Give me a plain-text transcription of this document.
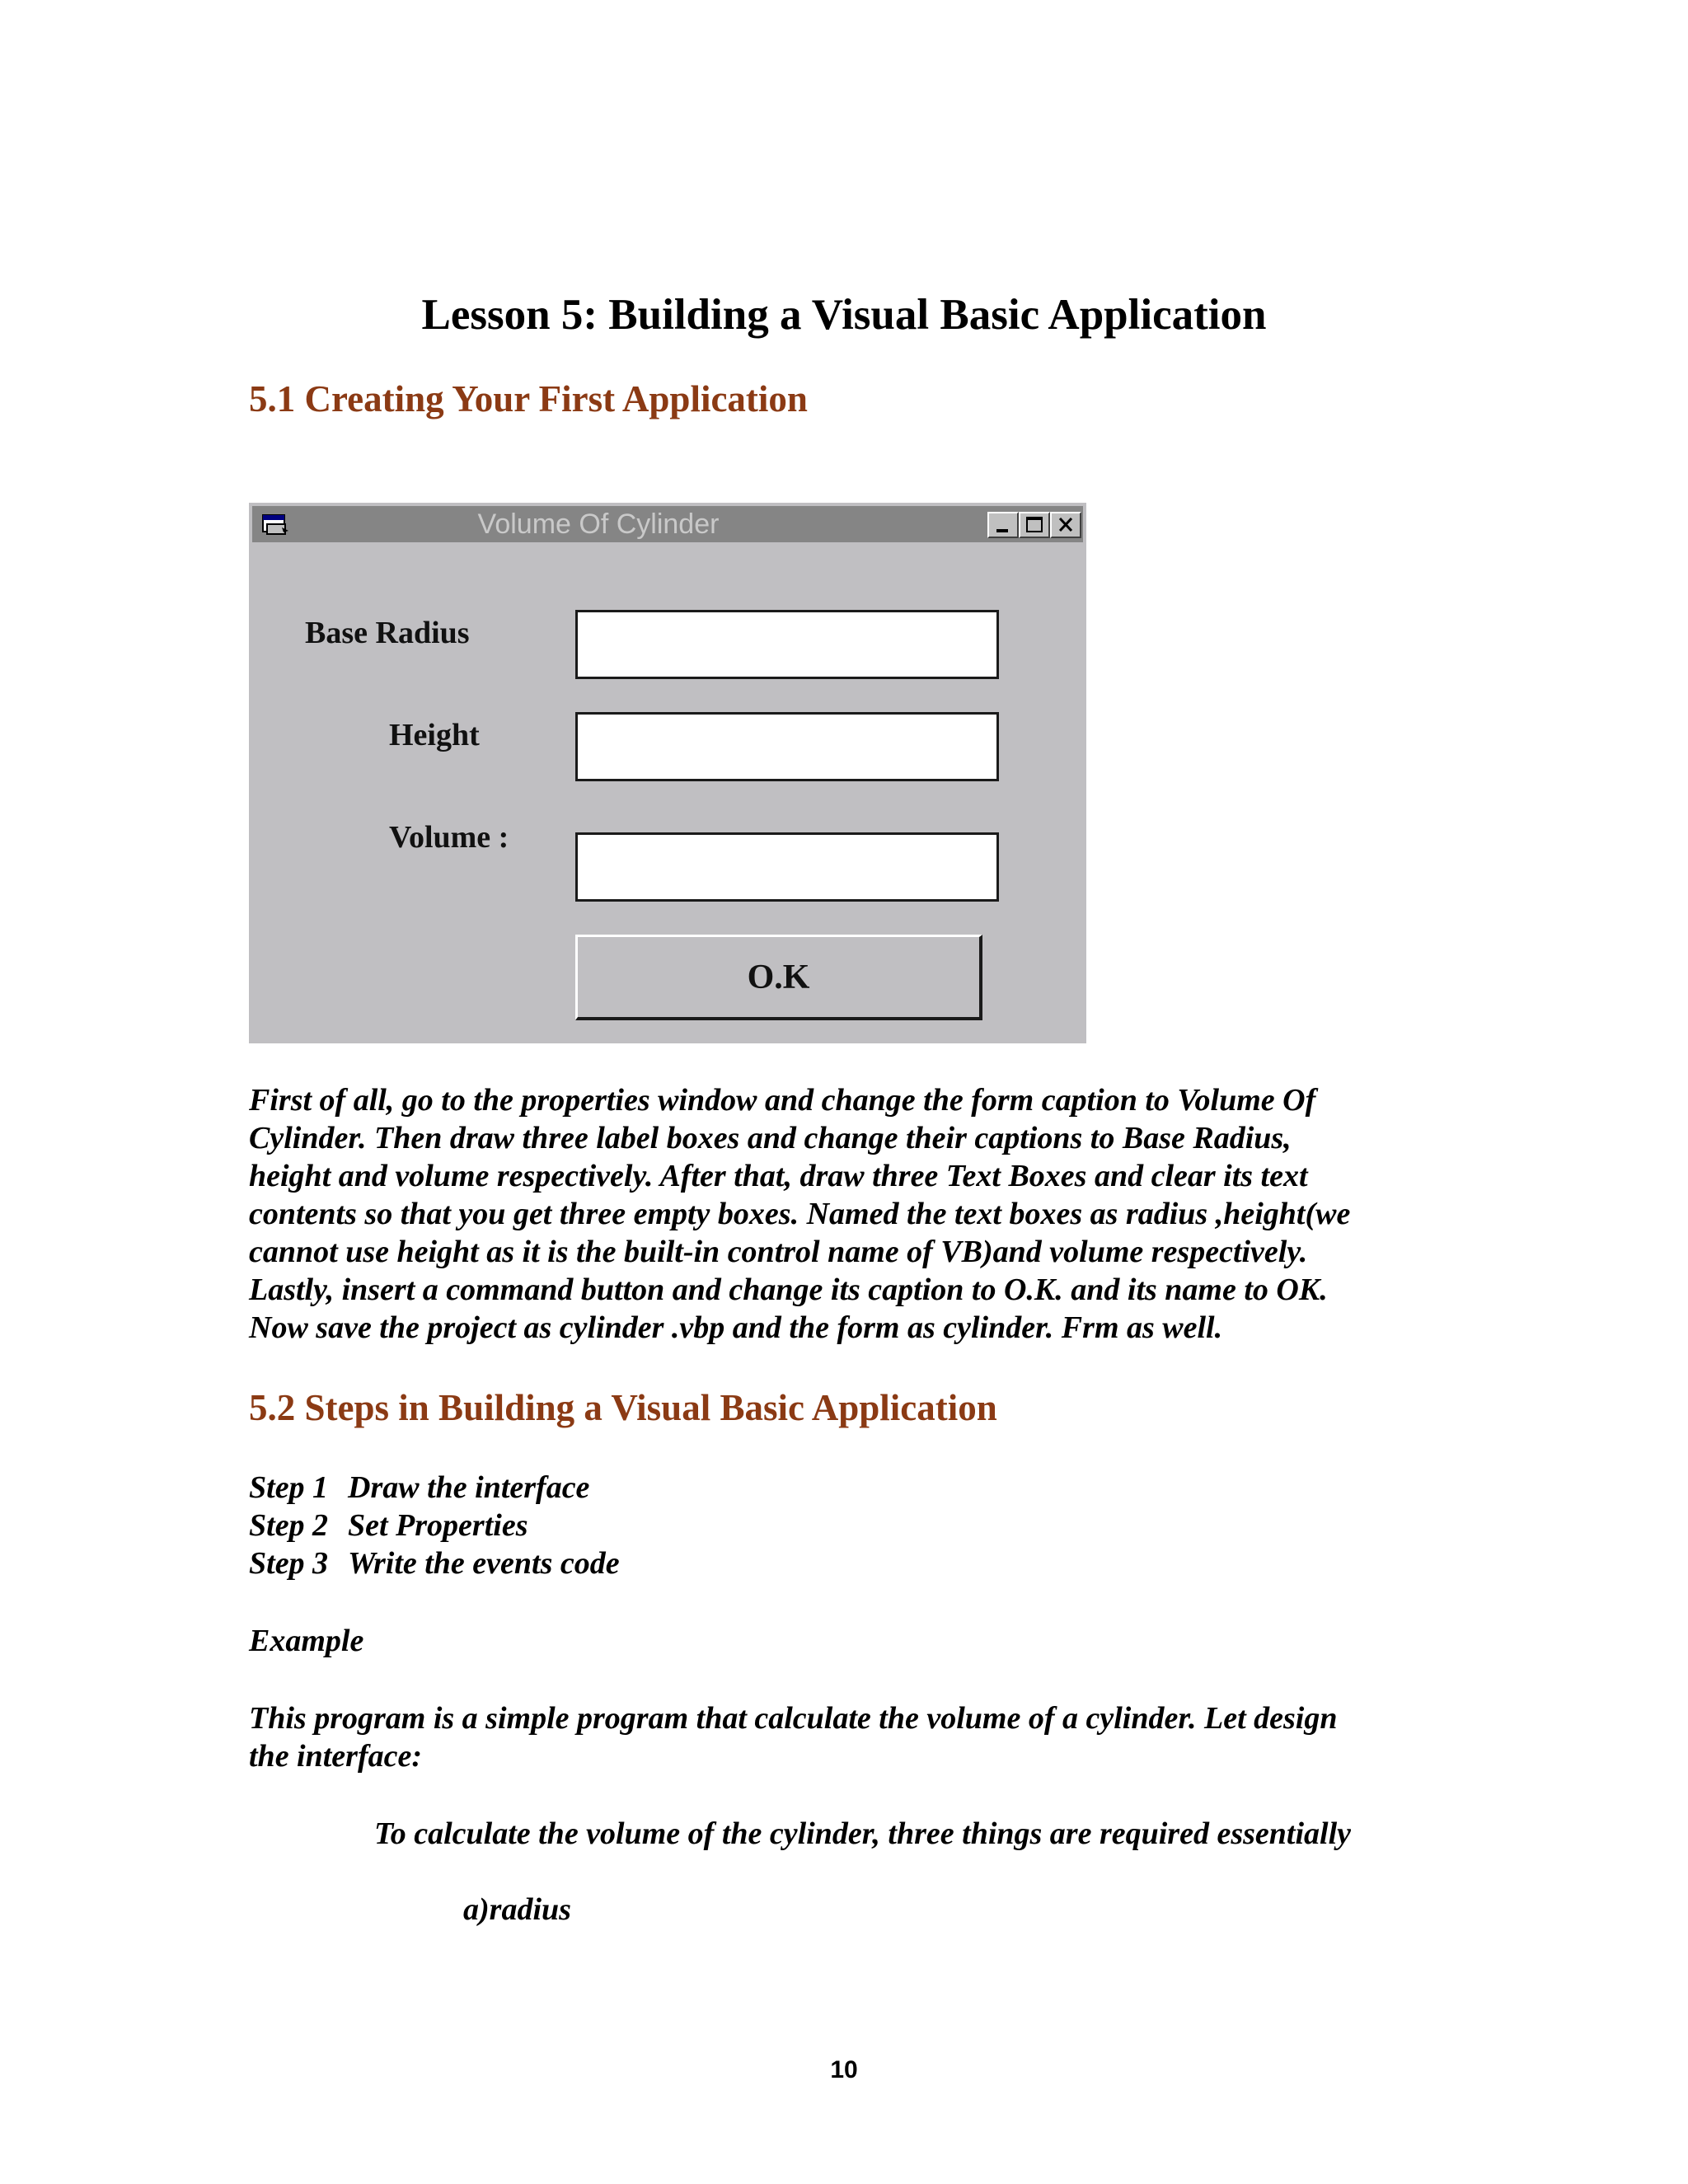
Lesson 5: Building a Visual Basic Application
5.1 Creating Your First Application
Volume Of Cylinder
Base Radius
Height
Volume :
O.K

First of all, go to the properties window and change the form caption to Volume Of
Cylinder. Then draw three label boxes and change their captions to Base Radius,
height and volume respectively. After that, draw three Text Boxes and clear its text
contents so that you get three empty boxes. Named the text boxes as radius ,height(we
cannot use height as it is the built-in control name of VB)and volume respectively.
Lastly, insert a command button and change its caption to O.K. and its name to OK.
Now save the project as cylinder .vbp and the form as cylinder. Frm as well.

5.2 Steps in Building a Visual Basic Application
Step 1 Draw the interface
Step 2 Set Properties
Step 3 Write the events code
Example

This program is a simple program that calculate the volume of a cylinder. Let design
the interface:

To calculate the volume of the cylinder, three things are required essentially
a)radius
10
